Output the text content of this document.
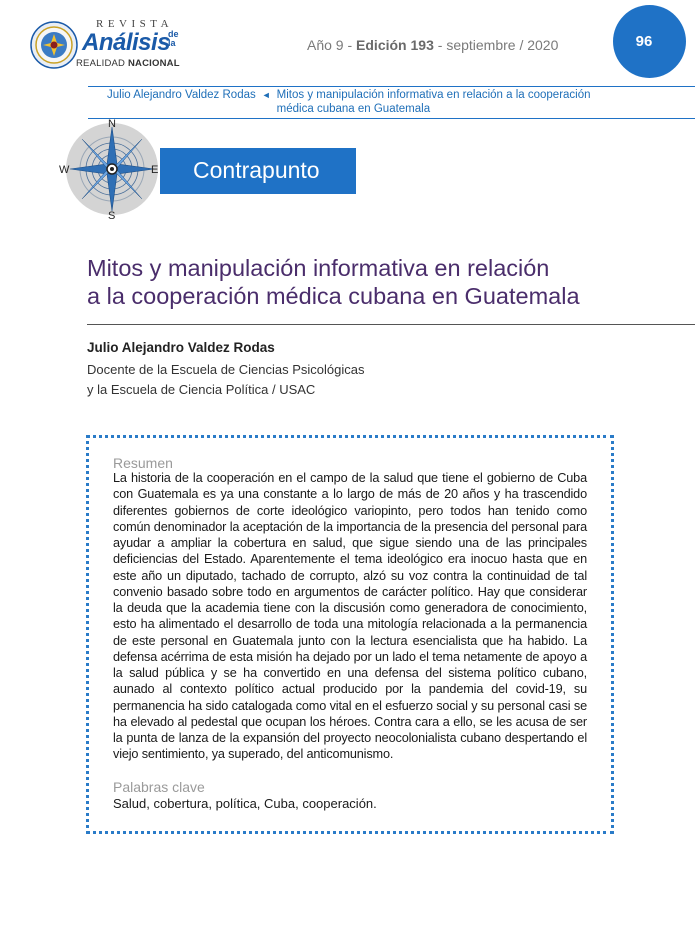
REVISTA
Análisis
de
la
REALIDAD NACIONAL
Año 9 - Edición 193 - septiembre / 2020	96
Julio Alejandro Valdez Rodas ◄ Mitos y manipulación informativa en relación a la cooperación médica cubana en Guatemala
Contrapunto
N
S
W	E
Mitos y manipulación informativa en relación
a la cooperación médica cubana en Guatemala
Julio Alejandro Valdez Rodas
Docente de la Escuela de Ciencias Psicológicas
y la Escuela de Ciencia Política / USAC
Resumen
La historia de la cooperación en el campo de la salud que tiene el gobierno de Cuba con Guatemala es ya una constante a lo largo de más de 20 años y ha trascendido diferentes gobiernos de corte ideológico variopinto, pero todos han tenido como común denominador la aceptación de la importancia de la presencia del personal para ayudar a ampliar la cobertura en salud, que sigue siendo una de las principales deficiencias del Estado. Aparentemente el tema ideológico era inocuo hasta que en este año un diputado, tachado de corrupto, alzó su voz contra la continuidad de tal convenio basado sobre todo en argumentos de carácter político. Hay que considerar la deuda que la academia tiene con la discusión como generadora de conocimiento, esto ha alimentado el desarrollo de toda una mitología relacionada a la permanencia de este personal en Guatemala junto con la lectura esencialista que ha habido. La defensa acérrima de esta misión ha dejado por un lado el tema netamente de apoyo a la salud pública y se ha convertido en una defensa del sistema político cubano, aunado al contexto político actual producido por la pandemia del covid-19, su permanencia ha sido catalogada como vital en el esfuerzo social y su personal casi se ha elevado al pedestal que ocupan los héroes. Contra cara a ello, se les acusa de ser la punta de lanza de la expansión del proyecto neocolonialista cubano despertando el viejo sentimiento, ya superado, del anticomunismo.
Palabras clave
Salud, cobertura, política, Cuba, cooperación.
